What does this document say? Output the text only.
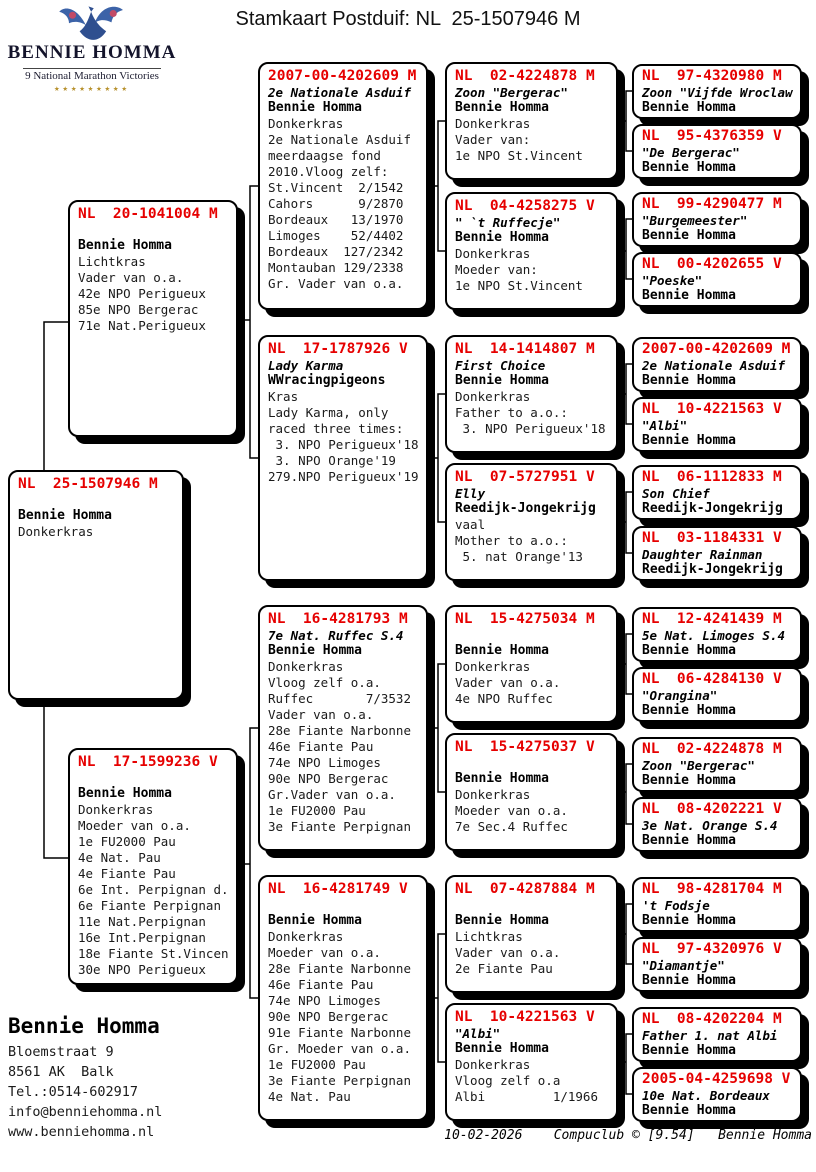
BENNIE HOMMA
9 National Marathon Victories
★★★★★★★★★
Stamkaart Postduif: NL  25-1507946 M
NL  25-1507946 M
Bennie Homma
Donkerkras
NL  20-1041004 M
Bennie Homma
Lichtkras
Vader van o.a.
42e NPO Perigueux
85e NPO Bergerac
71e Nat.Perigueux
NL  17-1599236 V
Bennie Homma
Donkerkras
Moeder van o.a.
1e FU2000 Pau
4e Nat. Pau
4e Fiante Pau
6e Int. Perpignan d.
6e Fiante Perpignan
11e Nat.Perpignan
16e Int.Perpignan
18e Fiante St.Vincen
30e NPO Perigueux
2007-00-4202609 M
2e Nationale Asduif
Bennie Homma
Donkerkras
2e Nationale Asduif
meerdaagse fond
2010.Vloog zelf:
St.Vincent  2/1542
Cahors      9/2870
Bordeaux   13/1970
Limoges    52/4402
Bordeaux  127/2342
Montauban 129/2338
Gr. Vader van o.a.
NL  17-1787926 V
Lady Karma
WWracingpigeons
Kras
Lady Karma, only
raced three times:
3. NPO Perigueux'18
3. NPO Orange'19
279.NPO Perigueux'19
NL  16-4281793 M
7e Nat. Ruffec S.4
Bennie Homma
Donkerkras
Vloog zelf o.a.
Ruffec       7/3532
Vader van o.a.
28e Fiante Narbonne
46e Fiante Pau
74e NPO Limoges
90e NPO Bergerac
Gr.Vader van o.a.
1e FU2000 Pau
3e Fiante Perpignan
NL  16-4281749 V
Bennie Homma
Donkerkras
Moeder van o.a.
28e Fiante Narbonne
46e Fiante Pau
74e NPO Limoges
90e NPO Bergerac
91e Fiante Narbonne
Gr. Moeder van o.a.
1e FU2000 Pau
3e Fiante Perpignan
4e Nat. Pau
NL  02-4224878 M
Zoon "Bergerac"
Bennie Homma
Donkerkras
Vader van:
1e NPO St.Vincent
NL  04-4258275 V
" `t Ruffecje"
Bennie Homma
Donkerkras
Moeder van:
1e NPO St.Vincent
NL  14-1414807 M
First Choice
Bennie Homma
Donkerkras
Father to a.o.:
3. NPO Perigueux'18
NL  07-5727951 V
Elly
Reedijk-Jongekrijg
vaal
Mother to a.o.:
5. nat Orange'13
NL  15-4275034 M
Bennie Homma
Donkerkras
Vader van o.a.
4e NPO Ruffec
NL  15-4275037 V
Bennie Homma
Donkerkras
Moeder van o.a.
7e Sec.4 Ruffec
NL  07-4287884 M
Bennie Homma
Lichtkras
Vader van o.a.
2e Fiante Pau
NL  10-4221563 V
"Albi"
Bennie Homma
Donkerkras
Vloog zelf o.a
Albi         1/1966
NL  97-4320980 M
Zoon "Vijfde Wroclaw
Bennie Homma
NL  95-4376359 V
"De Bergerac"
Bennie Homma
NL  99-4290477 M
"Burgemeester"
Bennie Homma
NL  00-4202655 V
"Poeske"
Bennie Homma
2007-00-4202609 M
2e Nationale Asduif
Bennie Homma
NL  10-4221563 V
"Albi"
Bennie Homma
NL  06-1112833 M
Son Chief
Reedijk-Jongekrijg
NL  03-1184331 V
Daughter Rainman
Reedijk-Jongekrijg
NL  12-4241439 M
5e Nat. Limoges S.4
Bennie Homma
NL  06-4284130 V
"Orangina"
Bennie Homma
NL  02-4224878 M
Zoon "Bergerac"
Bennie Homma
NL  08-4202221 V
3e Nat. Orange S.4
Bennie Homma
NL  98-4281704 M
't Fodsje
Bennie Homma
NL  97-4320976 V
"Diamantje"
Bennie Homma
NL  08-4202204 M
Father 1. nat Albi
Bennie Homma
2005-04-4259698 V
10e Nat. Bordeaux
Bennie Homma
Bennie Homma
Bloemstraat 9
8561 AK  Balk
Tel.:0514-602917
info@benniehomma.nl
www.benniehomma.nl	10-02-2026    Compuclub © [9.54]   Bennie Homma
